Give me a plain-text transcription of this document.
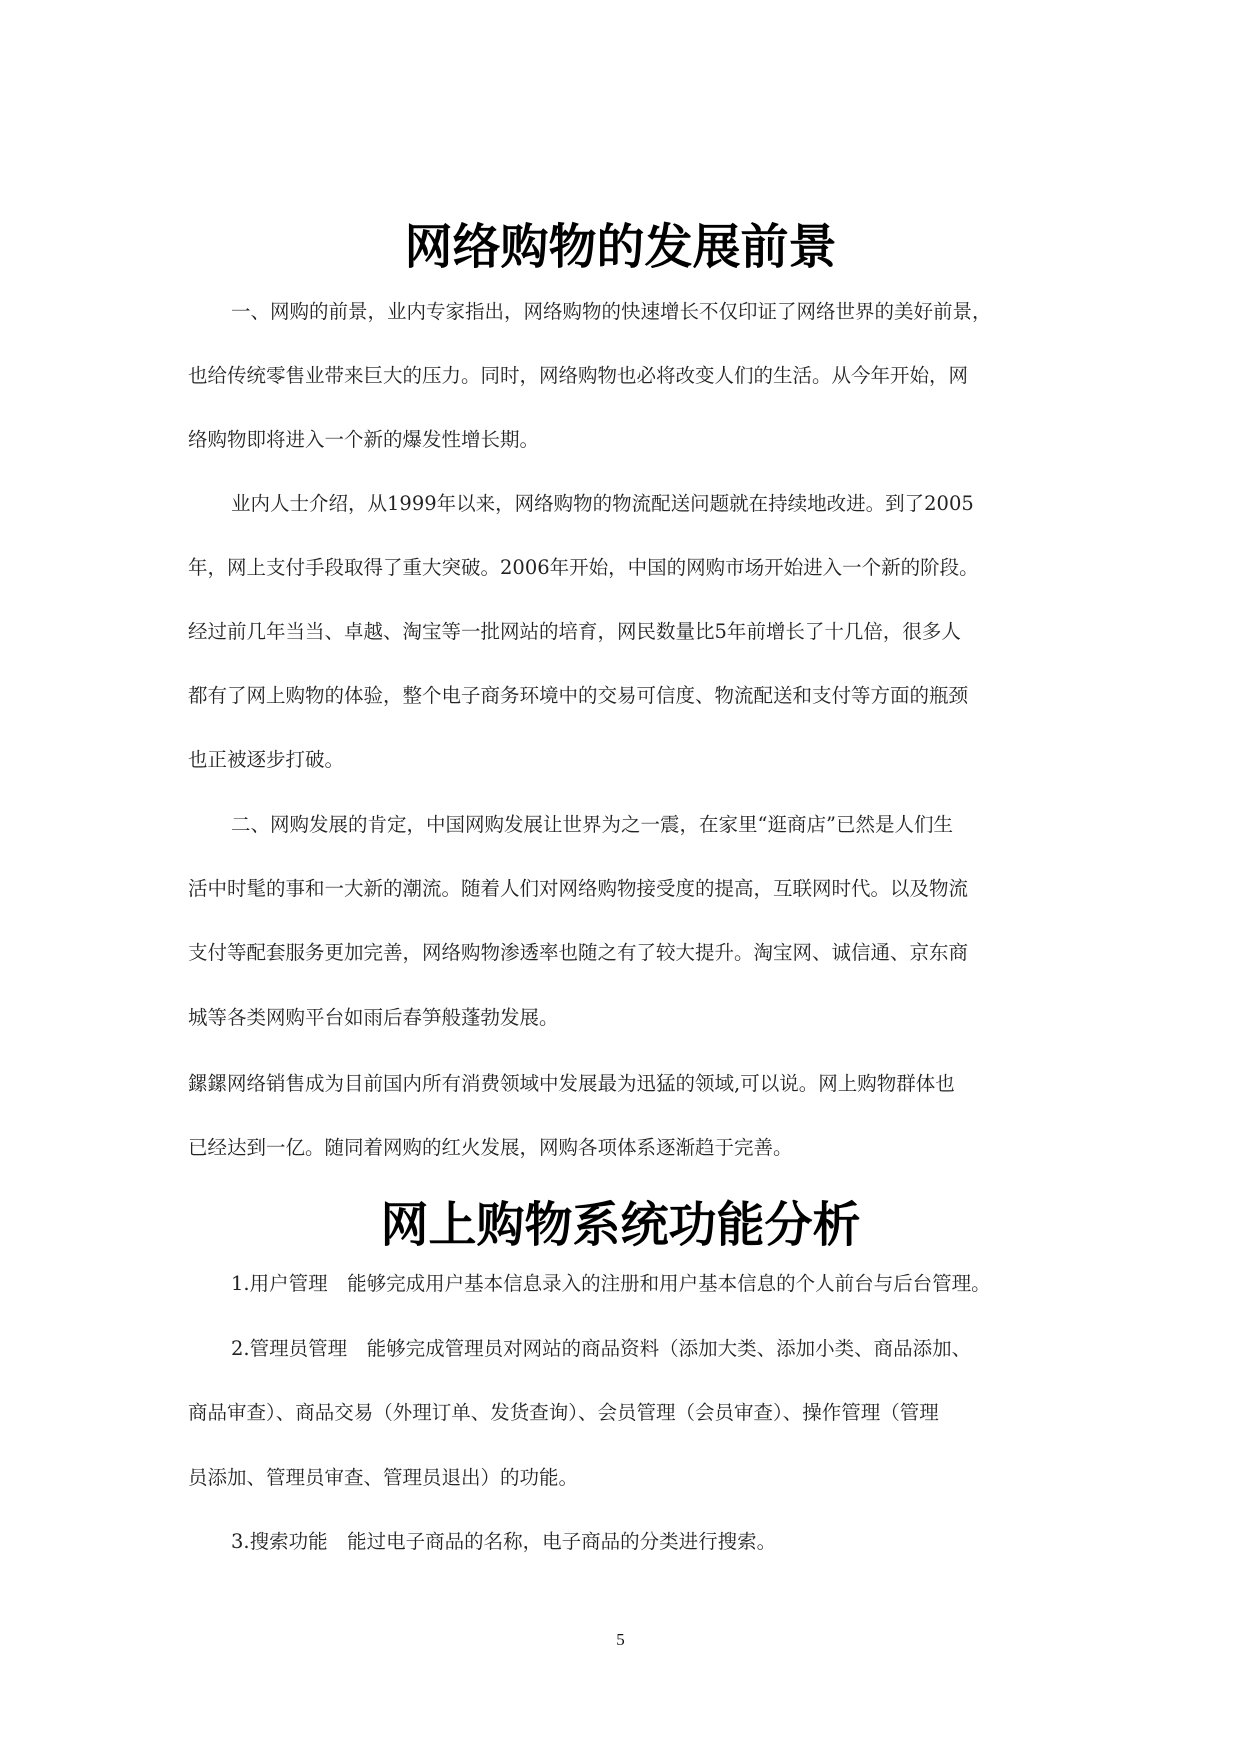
网络购物的发展前景
一、网购的前景，业内专家指出，网络购物的快速增长不仅印证了网络世界的美好前景，
也给传统零售业带来巨大的压力。同时，网络购物也必将改变人们的生活。从今年开始，网
络购物即将进入一个新的爆发性增长期。
业内人士介绍，从1999年以来，网络购物的物流配送问题就在持续地改进。到了2005
年，网上支付手段取得了重大突破。2006年开始，中国的网购市场开始进入一个新的阶段。
经过前几年当当、卓越、淘宝等一批网站的培育，网民数量比5年前增长了十几倍，很多人
都有了网上购物的体验，整个电子商务环境中的交易可信度、物流配送和支付等方面的瓶颈
也正被逐步打破。
二、网购发展的肯定，中国网购发展让世界为之一震，在家里“逛商店”已然是人们生
活中时髦的事和一大新的潮流。随着人们对网络购物接受度的提高，互联网时代。以及物流
支付等配套服务更加完善，网络购物渗透率也随之有了较大提升。淘宝网、诚信通、京东商
城等各类网购平台如雨后春笋般蓬勃发展。
鏍鏍网络销售成为目前国内所有消费领域中发展最为迅猛的领域,可以说。网上购物群体也
已经达到一亿。随同着网购的红火发展，网购各项体系逐渐趋于完善。
网上购物系统功能分析
1.用户管理　能够完成用户基本信息录入的注册和用户基本信息的个人前台与后台管理。
2.管理员管理　能够完成管理员对网站的商品资料（添加大类、添加小类、商品添加、
商品审查）、商品交易（外理订单、发货查询）、会员管理（会员审查）、操作管理（管理
员添加、管理员审查、管理员退出）的功能。
3.搜索功能　能过电子商品的名称，电子商品的分类进行搜索。
5
